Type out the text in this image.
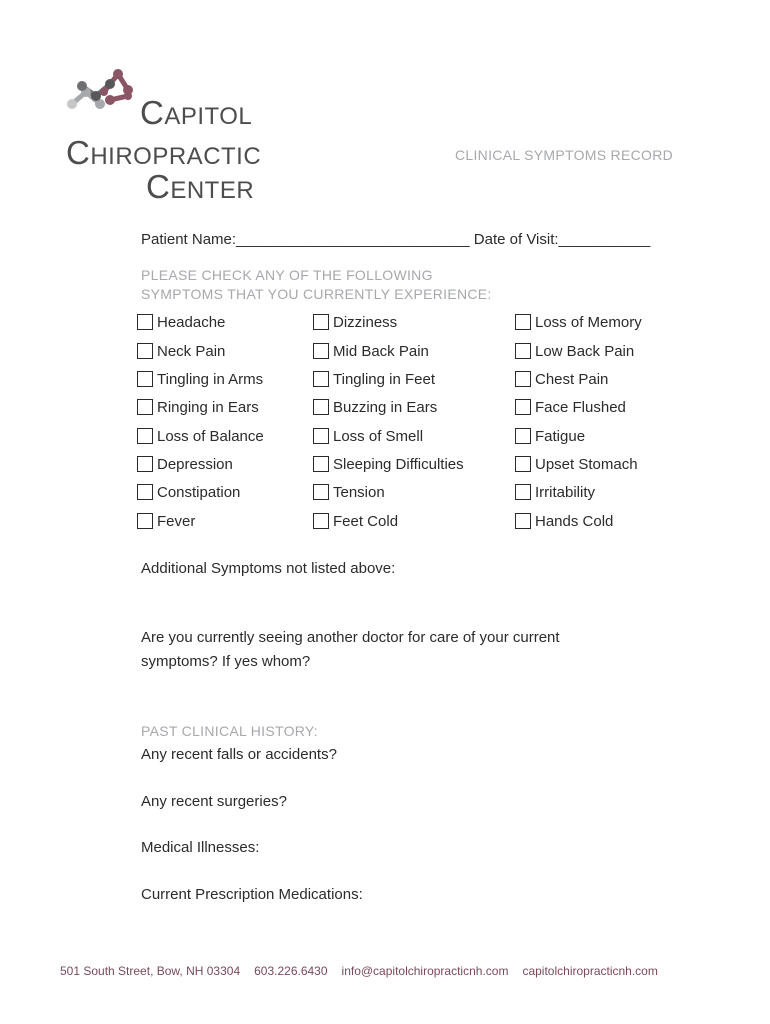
CAPITOL
CHIROPRACTIC
CENTER
CLINICAL SYMPTOMS RECORD
Patient Name:____________________________ Date of Visit:___________
PLEASE CHECK ANY OF THE FOLLOWING
SYMPTOMS THAT YOU CURRENTLY EXPERIENCE:
Headache
Neck Pain
Tingling in Arms
Ringing in Ears
Loss of Balance
Depression
Constipation
Fever
Dizziness
Mid Back Pain
Tingling in Feet
Buzzing in Ears
Loss of Smell
Sleeping Difficulties
Tension
Feet Cold
Loss of Memory
Low Back Pain
Chest Pain
Face Flushed
Fatigue
Upset Stomach
Irritability
Hands Cold
Additional Symptoms not listed above:
Are you currently seeing another doctor for care of your current
symptoms? If yes whom?
PAST CLINICAL HISTORY:
Any recent falls or accidents?
Any recent surgeries?
Medical Illnesses:
Current Prescription Medications:
501 South Street, Bow, NH 03304 603.226.6430 info@capitolchiropracticnh.com capitolchiropracticnh.com
